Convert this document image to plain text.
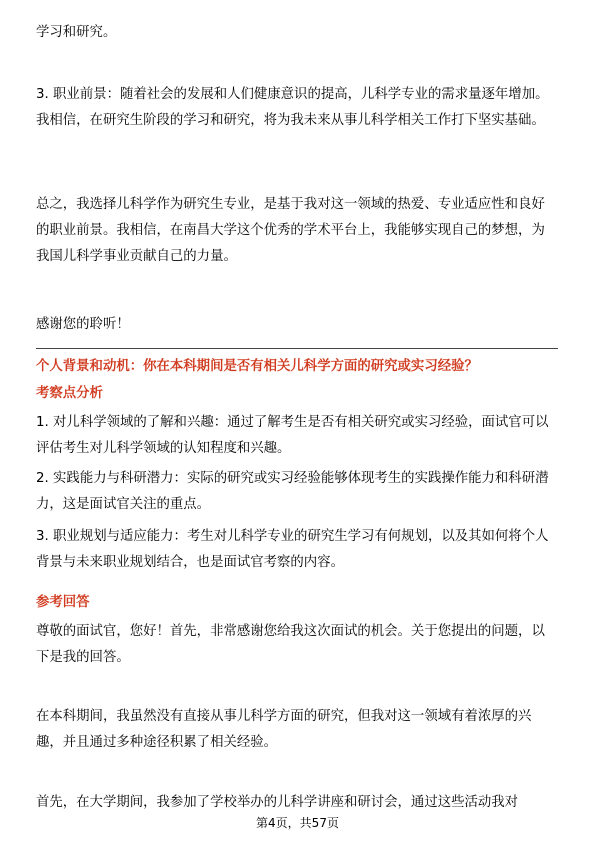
学习和研究。

3. 职业前景：随着社会的发展和人们健康意识的提高，儿科学专业的需求量逐年增加。我相信，在研究生阶段的学习和研究，将为我未来从事儿科学相关工作打下坚实基础。

总之，我选择儿科学作为研究生专业，是基于我对这一领域的热爱、专业适应性和良好的职业前景。我相信，在南昌大学这个优秀的学术平台上，我能够实现自己的梦想，为我国儿科学事业贡献自己的力量。

感谢您的聆听！

个人背景和动机：你在本科期间是否有相关儿科学方面的研究或实习经验？

考察点分析

1. 对儿科学领域的了解和兴趣：通过了解考生是否有相关研究或实习经验，面试官可以评估考生对儿科学领域的认知程度和兴趣。

2. 实践能力与科研潜力：实际的研究或实习经验能够体现考生的实践操作能力和科研潜力，这是面试官关注的重点。

3. 职业规划与适应能力：考生对儿科学专业的研究生学习有何规划，以及其如何将个人背景与未来职业规划结合，也是面试官考察的内容。

参考回答

尊敬的面试官，您好！首先，非常感谢您给我这次面试的机会。关于您提出的问题，以下是我的回答。

在本科期间，我虽然没有直接从事儿科学方面的研究，但我对这一领域有着浓厚的兴趣，并且通过多种途径积累了相关经验。

首先，在大学期间，我参加了学校举办的儿科学讲座和研讨会，通过这些活动我对

第4页，共57页
